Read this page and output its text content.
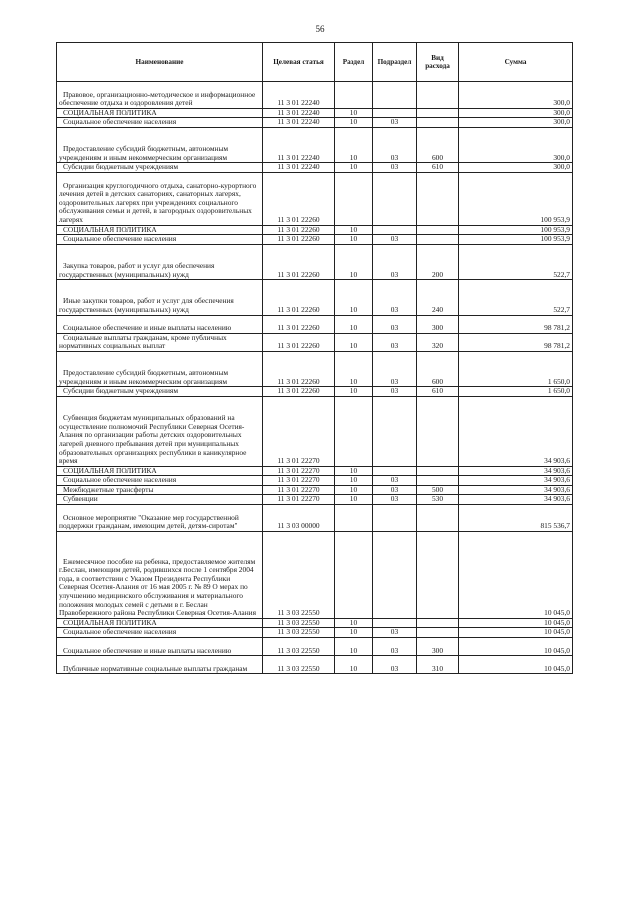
56
Наименование	Целевая статья	Раздел	Подраздел	Вид расхода	Сумма
Правовое, организационно-методическое и информационное обеспечение отдыха и оздоровления детей	11 3 01 22240				300,0
СОЦИАЛЬНАЯ ПОЛИТИКА	11 3 01 22240	10			300,0
Социальное обеспечение населения	11 3 01 22240	10	03		300,0
Предоставление субсидий бюджетным, автономным учреждениям и иным некоммерческим организациям	11 3 01 22240	10	03	600	300,0
Субсидии бюджетным учреждениям	11 3 01 22240	10	03	610	300,0
Организация круглогодичного отдыха, санаторно-курортного лечения детей в детских санаториях, санаторных лагерях, оздоровительных лагерях при учреждениях социального обслуживания семьи и детей, в загородных оздоровительных лагерях	11 3 01 22260				100 953,9
СОЦИАЛЬНАЯ ПОЛИТИКА	11 3 01 22260	10			100 953,9
Социальное обеспечение населения	11 3 01 22260	10	03		100 953,9
Закупка товаров, работ и услуг для обеспечения государственных (муниципальных) нужд	11 3 01 22260	10	03	200	522,7
Иные закупки товаров, работ и услуг для обеспечения государственных (муниципальных) нужд	11 3 01 22260	10	03	240	522,7
Социальное обеспечение и иные выплаты населению	11 3 01 22260	10	03	300	98 781,2
Социальные выплаты гражданам, кроме публичных нормативных социальных выплат	11 3 01 22260	10	03	320	98 781,2
Предоставление субсидий бюджетным, автономным учреждениям и иным некоммерческим организациям	11 3 01 22260	10	03	600	1 650,0
Субсидии бюджетным учреждениям	11 3 01 22260	10	03	610	1 650,0
Субвенция бюджетам муниципальных образований на осуществление полномочий Республики Северная Осетия-Алания по организации работы детских оздоровительных лагерей дневного пребывания детей при муниципальных образовательных организациях республики в каникулярное время	11 3 01 22270				34 903,6
СОЦИАЛЬНАЯ ПОЛИТИКА	11 3 01 22270	10			34 903,6
Социальное обеспечение населения	11 3 01 22270	10	03		34 903,6
Межбюджетные трансферты	11 3 01 22270	10	03	500	34 903,6
Субвенции	11 3 01 22270	10	03	530	34 903,6
Основное мероприятие "Оказание мер государственной поддержки гражданам, имеющим детей, детям-сиротам"	11 3 03 00000				815 536,7
Ежемесячное пособие на ребенка, предоставляемое жителям г.Беслан, имеющим детей, родившихся после 1 сентября 2004 года, в соответствии с Указом Президента Республики Северная Осетия-Алания от 16 мая 2005 г. № 89 О мерах по улучшению медицинского обслуживания и материального положения молодых семей с детьми в г. Беслан Правобережного района Республики Северная Осетия-Алания	11 3 03 22550				10 045,0
СОЦИАЛЬНАЯ ПОЛИТИКА	11 3 03 22550	10			10 045,0
Социальное обеспечение населения	11 3 03 22550	10	03		10 045,0
Социальное обеспечение и иные выплаты населению	11 3 03 22550	10	03	300	10 045,0
Публичные нормативные социальные выплаты гражданам	11 3 03 22550	10	03	310	10 045,0
